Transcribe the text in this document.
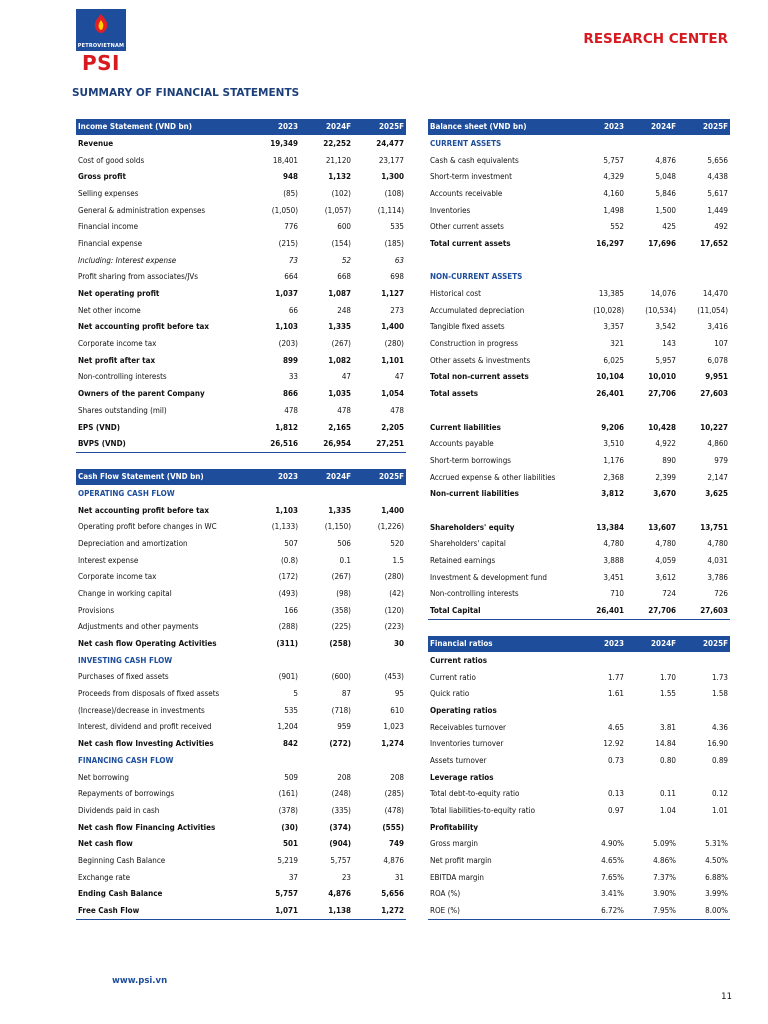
PETROVIETNAM
PSI
RESEARCH CENTER
SUMMARY OF FINANCIAL STATEMENTS
Income Statement (VND bn)	2023	2024F	2025F
Revenue	19,349	22,252	24,477
Cost of good solds	18,401	21,120	23,177
Gross profit	948	1,132	1,300
Selling expenses	(85)	(102)	(108)
General & administration expenses	(1,050)	(1,057)	(1,114)
Financial income	776	600	535
Financial expense	(215)	(154)	(185)
Including: Interest expense	73	52	63
Profit sharing from associates/JVs	664	668	698
Net operating profit	1,037	1,087	1,127
Net other income	66	248	273
Net accounting profit before tax	1,103	1,335	1,400
Corporate income tax	(203)	(267)	(280)
Net profit after tax	899	1,082	1,101
Non-controlling interests	33	47	47
Owners of the parent Company	866	1,035	1,054
Shares outstanding (mil)	478	478	478
EPS (VND)	1,812	2,165	2,205
BVPS (VND)	26,516	26,954	27,251
Cash Flow Statement (VND bn)	2023	2024F	2025F
OPERATING CASH FLOW			
Net accounting profit before tax	1,103	1,335	1,400
Operating profit before changes in WC	(1,133)	(1,150)	(1,226)
Depreciation and amortization	507	506	520
Interest expense	(0.8)	0.1	1.5
Corporate income tax	(172)	(267)	(280)
Change in working capital	(493)	(98)	(42)
Provisions	166	(358)	(120)
Adjustments and other payments	(288)	(225)	(223)
Net cash flow Operating Activities	(311)	(258)	30
INVESTING CASH FLOW			
Purchases of fixed assets	(901)	(600)	(453)
Proceeds from disposals of fixed assets	5	87	95
(Increase)/decrease in investments	535	(718)	610
Interest, dividend and profit received	1,204	959	1,023
Net cash flow Investing Activities	842	(272)	1,274
FINANCING CASH FLOW			
Net borrowing	509	208	208
Repayments of borrowings	(161)	(248)	(285)
Dividends paid in cash	(378)	(335)	(478)
Net cash flow Financing Activities	(30)	(374)	(555)
Net cash flow	501	(904)	749
Beginning Cash Balance	5,219	5,757	4,876
Exchange rate	37	23	31
Ending Cash Balance	5,757	4,876	5,656
Free Cash Flow	1,071	1,138	1,272
Balance sheet (VND bn)	2023	2024F	2025F
CURRENT ASSETS			
Cash & cash equivalents	5,757	4,876	5,656
Short-term investment	4,329	5,048	4,438
Accounts receivable	4,160	5,846	5,617
Inventories	1,498	1,500	1,449
Other current assets	552	425	492
Total current assets	16,297	17,696	17,652

NON-CURRENT ASSETS			
Historical cost	13,385	14,076	14,470
Accumulated depreciation	(10,028)	(10,534)	(11,054)
Tangible fixed assets	3,357	3,542	3,416
Construction in progress	321	143	107
Other assets & investments	6,025	5,957	6,078
Total non-current assets	10,104	10,010	9,951
Total assets	26,401	27,706	27,603

Current liabilities	9,206	10,428	10,227
Accounts payable	3,510	4,922	4,860
Short-term borrowings	1,176	890	979
Accrued expense & other liabilities	2,368	2,399	2,147
Non-current liabilities	3,812	3,670	3,625

Shareholders' equity	13,384	13,607	13,751
Shareholders' capital	4,780	4,780	4,780
Retained earnings	3,888	4,059	4,031
Investment & development fund	3,451	3,612	3,786
Non-controlling interests	710	724	726
Total Capital	26,401	27,706	27,603
Financial ratios	2023	2024F	2025F
Current ratios			
Current ratio	1.77	1.70	1.73
Quick ratio	1.61	1.55	1.58
Operating ratios			
Receivables turnover	4.65	3.81	4.36
Inventories turnover	12.92	14.84	16.90
Assets turnover	0.73	0.80	0.89
Leverage ratios			
Total debt-to-equity ratio	0.13	0.11	0.12
Total liabilities-to-equity ratio	0.97	1.04	1.01
Profitability			
Gross margin	4.90%	5.09%	5.31%
Net profit margin	4.65%	4.86%	4.50%
EBITDA margin	7.65%	7.37%	6.88%
ROA (%)	3.41%	3.90%	3.99%
ROE (%)	6.72%	7.95%	8.00%
www.psi.vn
11
